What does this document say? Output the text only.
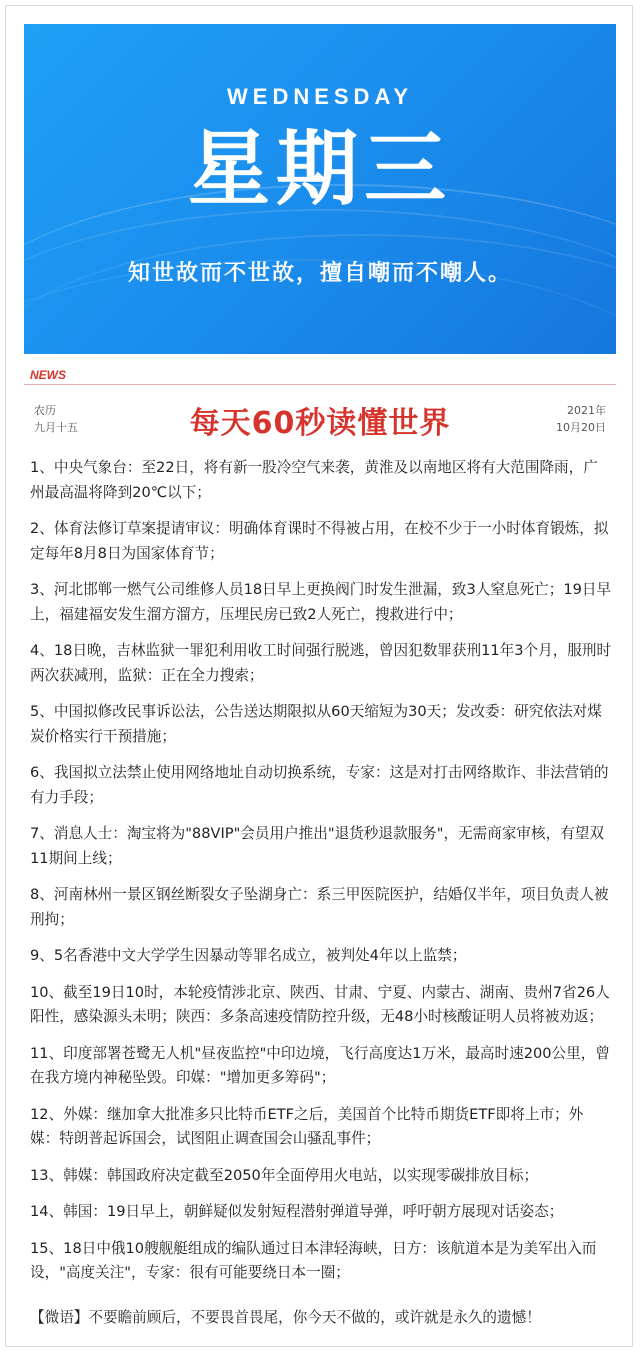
WEDNESDAY
星期三
知世故而不世故，擅自嘲而不嘲人。
NEWS
农历
九月十五	每天60秒读懂世界	2021年
10月20日

1、中央气象台：至22日，将有新一股冷空气来袭，黄淮及以南地区将有大范围降雨，广州最高温将降到20℃以下；

2、体育法修订草案提请审议：明确体育课时不得被占用，在校不少于一小时体育锻炼，拟定每年8月8日为国家体育节；

3、河北邯郸一燃气公司维修人员18日早上更换阀门时发生泄漏，致3人窒息死亡；19日早上，福建福安发生溜方溜方，压埋民房已致2人死亡，搜救进行中；

4、18日晚，吉林监狱一罪犯利用收工时间强行脱逃，曾因犯数罪获刑11年3个月，服刑时两次获减刑，监狱：正在全力搜索；

5、中国拟修改民事诉讼法，公告送达期限拟从60天缩短为30天；发改委：研究依法对煤炭价格实行干预措施；

6、我国拟立法禁止使用网络地址自动切换系统，专家：这是对打击网络欺诈、非法营销的有力手段；

7、消息人士：淘宝将为"88VIP"会员用户推出"退货秒退款服务"，无需商家审核，有望双11期间上线；

8、河南林州一景区钢丝断裂女子坠湖身亡：系三甲医院医护，结婚仅半年，项目负责人被刑拘；

9、5名香港中文大学学生因暴动等罪名成立，被判处4年以上监禁；

10、截至19日10时，本轮疫情涉北京、陕西、甘肃、宁夏、内蒙古、湖南、贵州7省26人阳性，感染源头未明；陕西：多条高速疫情防控升级，无48小时核酸证明人员将被劝返；

11、印度部署苍鹭无人机"昼夜监控"中印边境，飞行高度达1万米，最高时速200公里，曾在我方境内神秘坠毁。印媒："增加更多筹码"；

12、外媒：继加拿大批准多只比特币ETF之后，美国首个比特币期货ETF即将上市；外媒：特朗普起诉国会，试图阻止调查国会山骚乱事件；

13、韩媒：韩国政府决定截至2050年全面停用火电站，以实现零碳排放目标；

14、韩国：19日早上，朝鲜疑似发射短程潜射弹道导弹，呼吁朝方展现对话姿态；

15、18日中俄10艘舰艇组成的编队通过日本津轻海峡，日方：该航道本是为美军出入而设，"高度关注"，专家：很有可能要绕日本一圈；

【微语】不要瞻前顾后，不要畏首畏尾，你今天不做的，或许就是永久的遗憾！
